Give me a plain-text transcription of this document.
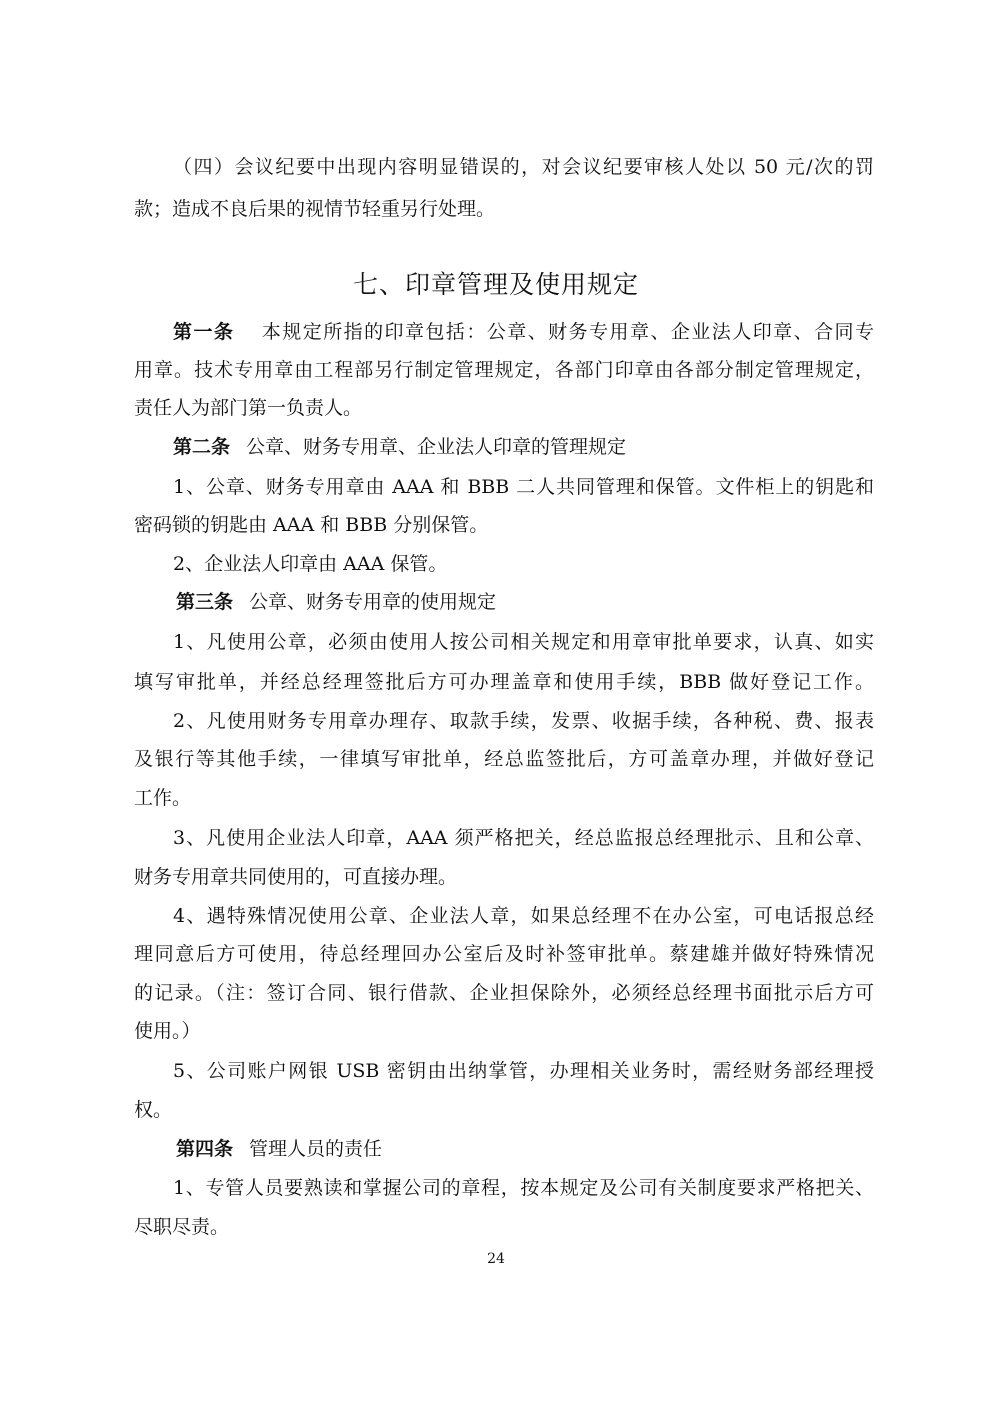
（四）会议纪要中出现内容明显错误的，对会议纪要审核人处以 50 元/次的罚
款；造成不良后果的视情节轻重另行处理。
七、印章管理及使用规定
第一条 本规定所指的印章包括：公章、财务专用章、企业法人印章、合同专
用章。技术专用章由工程部另行制定管理规定，各部门印章由各部分制定管理规定，
责任人为部门第一负责人。
第二条 公章、财务专用章、企业法人印章的管理规定
1、公章、财务专用章由 AAA 和 BBB 二人共同管理和保管。文件柜上的钥匙和
密码锁的钥匙由 AAA 和 BBB 分别保管。
2、企业法人印章由 AAA 保管。
第三条 公章、财务专用章的使用规定
1、凡使用公章，必须由使用人按公司相关规定和用章审批单要求，认真、如实
填写审批单，并经总经理签批后方可办理盖章和使用手续，BBB 做好登记工作。
2、凡使用财务专用章办理存、取款手续，发票、收据手续，各种税、费、报表
及银行等其他手续，一律填写审批单，经总监签批后，方可盖章办理，并做好登记
工作。
3、凡使用企业法人印章，AAA 须严格把关，经总监报总经理批示、且和公章、
财务专用章共同使用的，可直接办理。
4、遇特殊情况使用公章、企业法人章，如果总经理不在办公室，可电话报总经
理同意后方可使用，待总经理回办公室后及时补签审批单。蔡建雄并做好特殊情况
的记录。（注：签订合同、银行借款、企业担保除外，必须经总经理书面批示后方可
使用。）
5、公司账户网银 USB 密钥由出纳掌管，办理相关业务时，需经财务部经理授
权。
第四条 管理人员的责任
1、专管人员要熟读和掌握公司的章程，按本规定及公司有关制度要求严格把关、
尽职尽责。
24
